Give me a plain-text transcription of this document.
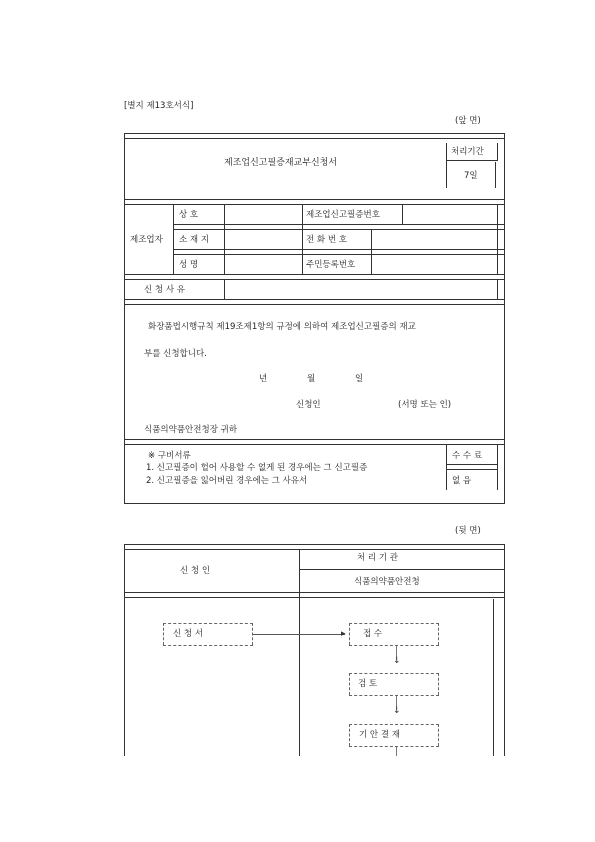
[별지 제13호서식]
(앞 면)
제조업신고필증재교부신청서
처리기간
7일
제조업자
상 호	제조업신고필증번호
소 재 지	전 화 번 호
성 명	주민등록번호
신 청 사 유
화장품법시행규칙 제19조제1항의 규정에 의하여 제조업신고필증의 재교
부를 신청합니다.
년	월	일
신청인	(서명 또는 인)
식품의약품안전청장 귀하
※ 구비서류
1. 신고필증이 헐어 사용할 수 없게 된 경우에는 그 신고필증
2. 신고필증을 잃어버린 경우에는 그 사유서
수 수 료
없 음
(뒷 면)
신 청 인
처 리 기 관
식품의약품안전청
신 청 서	접 수
▸
↓
검 토
↓
기 안 결 재
